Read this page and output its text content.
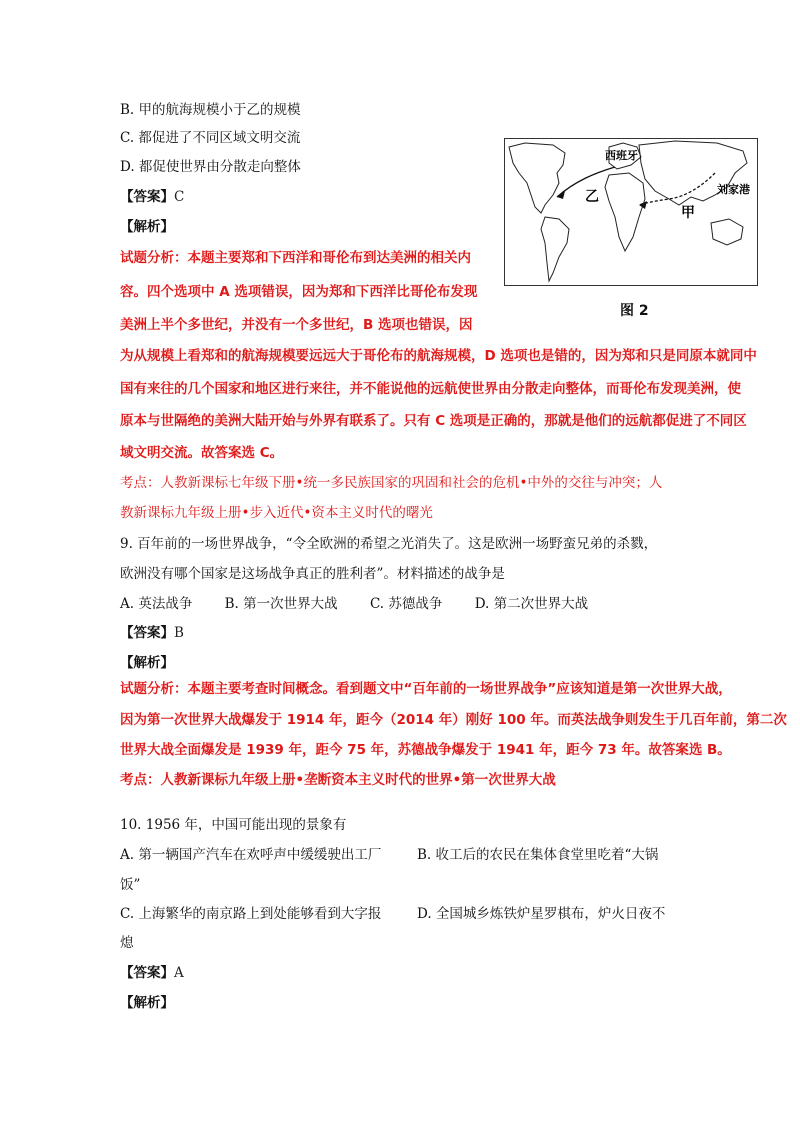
B. 甲的航海规模小于乙的规模
C. 都促进了不同区域文明交流
D. 都促使世界由分散走向整体
【答案】C
【解析】
试题分析：本题主要郑和下西洋和哥伦布到达美洲的相关内
容。四个选项中 A 选项错误，因为郑和下西洋比哥伦布发现
美洲上半个多世纪，并没有一个多世纪，B 选项也错误，因
为从规模上看郑和的航海规模要远远大于哥伦布的航海规模，D 选项也是错的，因为郑和只是同原本就同中
国有来往的几个国家和地区进行来往，并不能说他的远航使世界由分散走向整体，而哥伦布发现美洲，使
原本与世隔绝的美洲大陆开始与外界有联系了。只有 C 选项是正确的，那就是他们的远航都促进了不同区
域文明交流。故答案选 C。
考点：人教新课标七年级下册•统一多民族国家的巩固和社会的危机•中外的交往与冲突；人
教新课标九年级上册•步入近代•资本主义时代的曙光
西班牙
乙
甲
刘家港
图 2
9. 百年前的一场世界战争，“令全欧洲的希望之光消失了。这是欧洲一场野蛮兄弟的杀戮，
欧洲没有哪个国家是这场战争真正的胜利者”。材料描述的战争是
A. 英法战争 B. 第一次世界大战 C. 苏德战争 D. 第二次世界大战
【答案】B
【解析】
试题分析：本题主要考查时间概念。看到题文中“百年前的一场世界战争”应该知道是第一次世界大战，
因为第一次世界大战爆发于 1914 年，距今（2014 年）刚好 100 年。而英法战争则发生于几百年前，第二次
世界大战全面爆发是 1939 年，距今 75 年，苏德战争爆发于 1941 年，距今 73 年。故答案选 B。
考点：人教新课标九年级上册•垄断资本主义时代的世界•第一次世界大战
10. 1956 年，中国可能出现的景象有
A. 第一辆国产汽车在欢呼声中缓缓驶出工厂	B. 收工后的农民在集体食堂里吃着“大锅
饭”
C. 上海繁华的南京路上到处能够看到大字报	D. 全国城乡炼铁炉星罗棋布，炉火日夜不
熄
【答案】A
【解析】
